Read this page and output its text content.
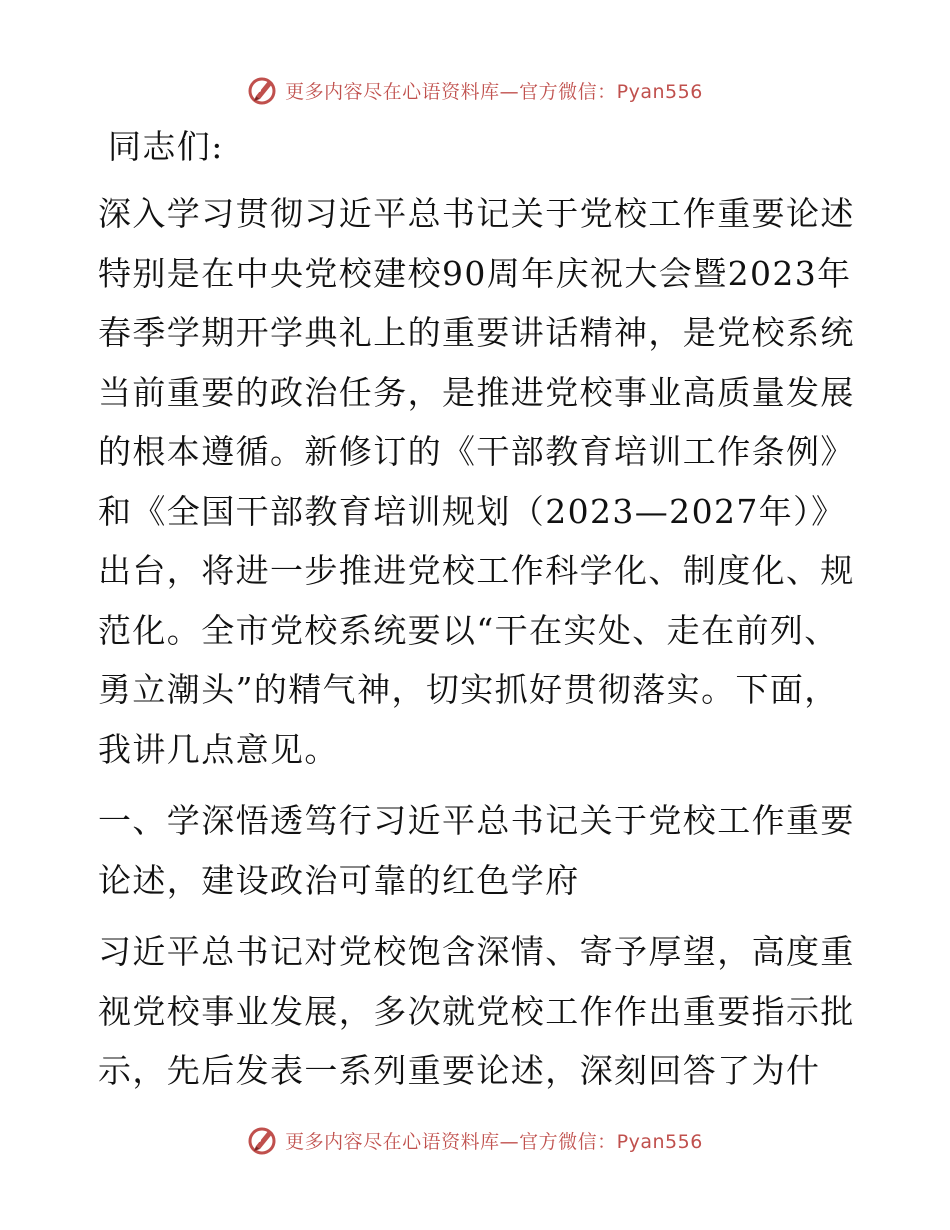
更多内容尽在心语资料库—官方微信：Pyan556

同志们:

深入学习贯彻习近平总书记关于党校工作重要论述特别是在中央党校建校90周年庆祝大会暨2023年春季学期开学典礼上的重要讲话精神，是党校系统当前重要的政治任务，是推进党校事业高质量发展的根本遵循。新修订的《干部教育培训工作条例》和《全国干部教育培训规划（2023—2027年）》出台，将进一步推进党校工作科学化、制度化、规范化。全市党校系统要以“干在实处、走在前列、勇立潮头”的精气神，切实抓好贯彻落实。下面，我讲几点意见。

一、学深悟透笃行习近平总书记关于党校工作重要论述，建设政治可靠的红色学府

习近平总书记对党校饱含深情、寄予厚望，高度重视党校事业发展，多次就党校工作作出重要指示批示，先后发表一系列重要论述，深刻回答了为什

更多内容尽在心语资料库—官方微信：Pyan556
